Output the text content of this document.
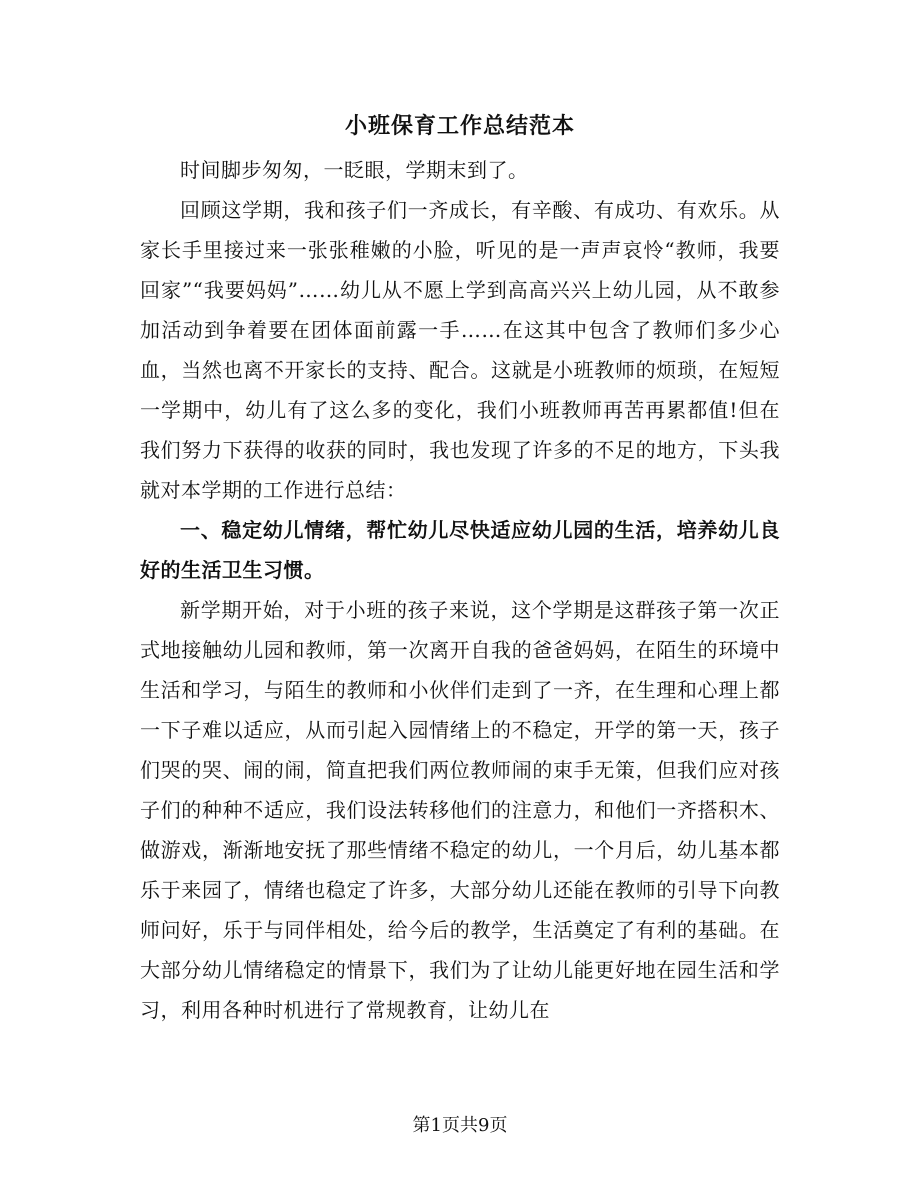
小班保育工作总结范本

时间脚步匆匆，一眨眼，学期末到了。

回顾这学期，我和孩子们一齐成长，有辛酸、有成功、有欢乐。从家长手里接过来一张张稚嫩的小脸，听见的是一声声哀怜“教师，我要回家”“我要妈妈”……幼儿从不愿上学到高高兴兴上幼儿园，从不敢参加活动到争着要在团体面前露一手……在这其中包含了教师们多少心血，当然也离不开家长的支持、配合。这就是小班教师的烦琐，在短短一学期中，幼儿有了这么多的变化，我们小班教师再苦再累都值!但在我们努力下获得的收获的同时，我也发现了许多的不足的地方，下头我就对本学期的工作进行总结：

一、稳定幼儿情绪，帮忙幼儿尽快适应幼儿园的生活，培养幼儿良好的生活卫生习惯。

新学期开始，对于小班的孩子来说，这个学期是这群孩子第一次正式地接触幼儿园和教师，第一次离开自我的爸爸妈妈，在陌生的环境中生活和学习，与陌生的教师和小伙伴们走到了一齐，在生理和心理上都一下子难以适应，从而引起入园情绪上的不稳定，开学的第一天，孩子们哭的哭、闹的闹，简直把我们两位教师闹的束手无策，但我们应对孩子们的种种不适应，我们设法转移他们的注意力，和他们一齐搭积木、做游戏，渐渐地安抚了那些情绪不稳定的幼儿，一个月后，幼儿基本都乐于来园了，情绪也稳定了许多，大部分幼儿还能在教师的引导下向教师问好，乐于与同伴相处，给今后的教学，生活奠定了有利的基础。在大部分幼儿情绪稳定的情景下，我们为了让幼儿能更好地在园生活和学习，利用各种时机进行了常规教育，让幼儿在

第1页共9页
